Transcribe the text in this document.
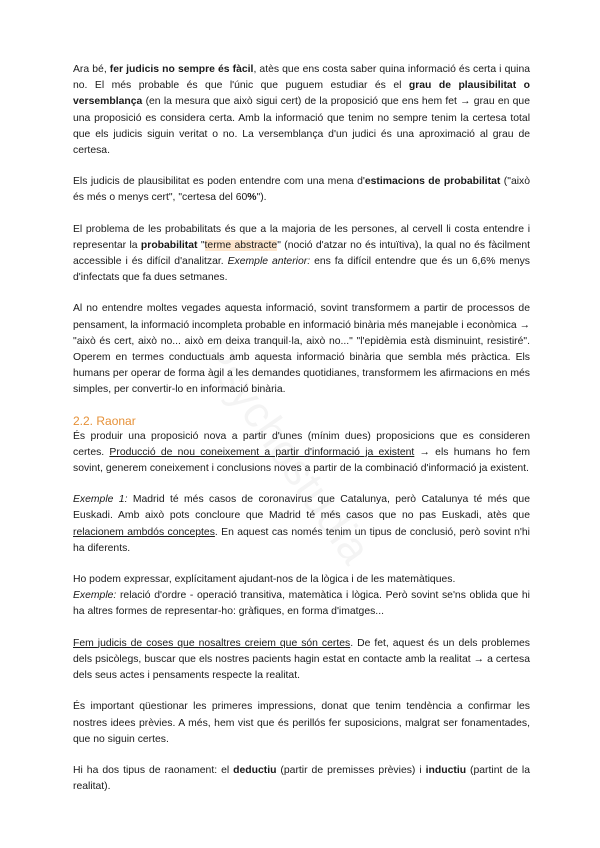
Ara bé, fer judicis no sempre és fàcil, atès que ens costa saber quina informació és certa i quina no. El més probable és que l'únic que puguem estudiar és el grau de plausibilitat o versemblança (en la mesura que això sigui cert) de la proposició que ens hem fet → grau en que una proposició es considera certa. Amb la informació que tenim no sempre tenim la certesa total que els judicis siguin veritat o no. La versemblança d'un judici és una aproximació al grau de certesa.

Els judicis de plausibilitat es poden entendre com una mena d'estimacions de probabilitat ("això és més o menys cert", "certesa del 60%").

El problema de les probabilitats és que a la majoria de les persones, al cervell li costa entendre i representar la probabilitat "terme abstracte" (noció d'atzar no és intuïtiva), la qual no és fàcilment accessible i és difícil d'analitzar. Exemple anterior: ens fa difícil entendre que és un 6,6% menys d'infectats que fa dues setmanes.

Al no entendre moltes vegades aquesta informació, sovint transformem a partir de processos de pensament, la informació incompleta probable en informació binària més manejable i econòmica → "això és cert, això no... això em deixa tranquil·la, això no..." "l'epidèmia està disminuint, resistiré". Operem en termes conductuals amb aquesta informació binària que sembla més pràctica. Els humans per operar de forma àgil a les demandes quotidianes, transformem les afirmacions en més simples, per convertir-lo en informació binària.

2.2. Raonar

És produir una proposició nova a partir d'unes (mínim dues) proposicions que es consideren certes. Producció de nou coneixement a partir d'informació ja existent → els humans ho fem sovint, generem coneixement i conclusions noves a partir de la combinació d'informació ja existent.

Exemple 1: Madrid té més casos de coronavirus que Catalunya, però Catalunya té més que Euskadi. Amb això pots concloure que Madrid té més casos que no pas Euskadi, atès que relacionem ambdós conceptes. En aquest cas només tenim un tipus de conclusió, però sovint n'hi ha diferents.

Ho podem expressar, explícitament ajudant-nos de la lògica i de les matemàtiques.
Exemple: relació d'ordre - operació transitiva, matemàtica i lògica. Però sovint se'ns oblida que hi ha altres formes de representar-ho: gràfiques, en forma d'imatges...

Fem judicis de coses que nosaltres creiem que són certes. De fet, aquest és un dels problemes dels psicòlegs, buscar que els nostres pacients hagin estat en contacte amb la realitat → a certesa dels seus actes i pensaments respecte la realitat.

És important qüestionar les primeres impressions, donat que tenim tendència a confirmar les nostres idees prèvies. A més, hem vist que és perillós fer suposicions, malgrat ser fonamentades, que no siguin certes.

Hi ha dos tipus de raonament: el deductiu (partir de premisses prèvies) i inductiu (partint de la realitat).
